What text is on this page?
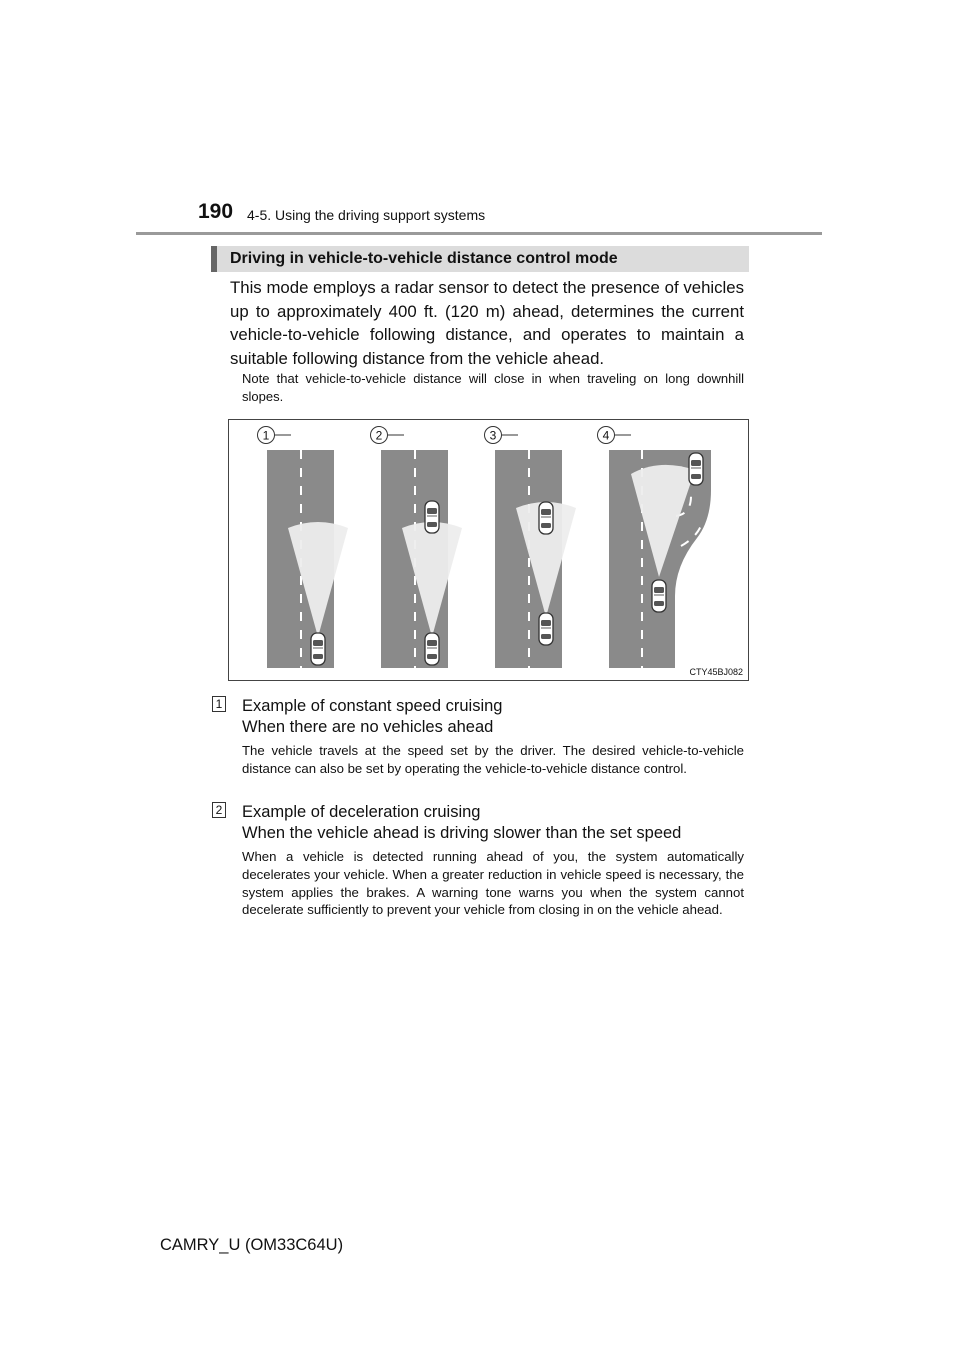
190 4-5. Using the driving support systems
Driving in vehicle-to-vehicle distance control mode

This mode employs a radar sensor to detect the presence of vehicles up to approximately 400 ft. (120 m) ahead, determines the current vehicle-to-vehicle following distance, and operates to maintain a suitable following distance from the vehicle ahead.

Note that vehicle-to-vehicle distance will close in when traveling on long downhill slopes.

1	2	3	4
CTY45BJ082
1 Example of constant speed cruising
When there are no vehicles ahead

The vehicle travels at the speed set by the driver. The desired vehicle-to-vehicle distance can also be set by operating the vehicle-to-vehicle distance control.

2 Example of deceleration cruising
When the vehicle ahead is driving slower than the set speed

When a vehicle is detected running ahead of you, the system automatically decelerates your vehicle. When a greater reduction in vehicle speed is necessary, the system applies the brakes. A warning tone warns you when the system cannot decelerate sufficiently to prevent your vehicle from closing in on the vehicle ahead.

CAMRY_U (OM33C64U)
